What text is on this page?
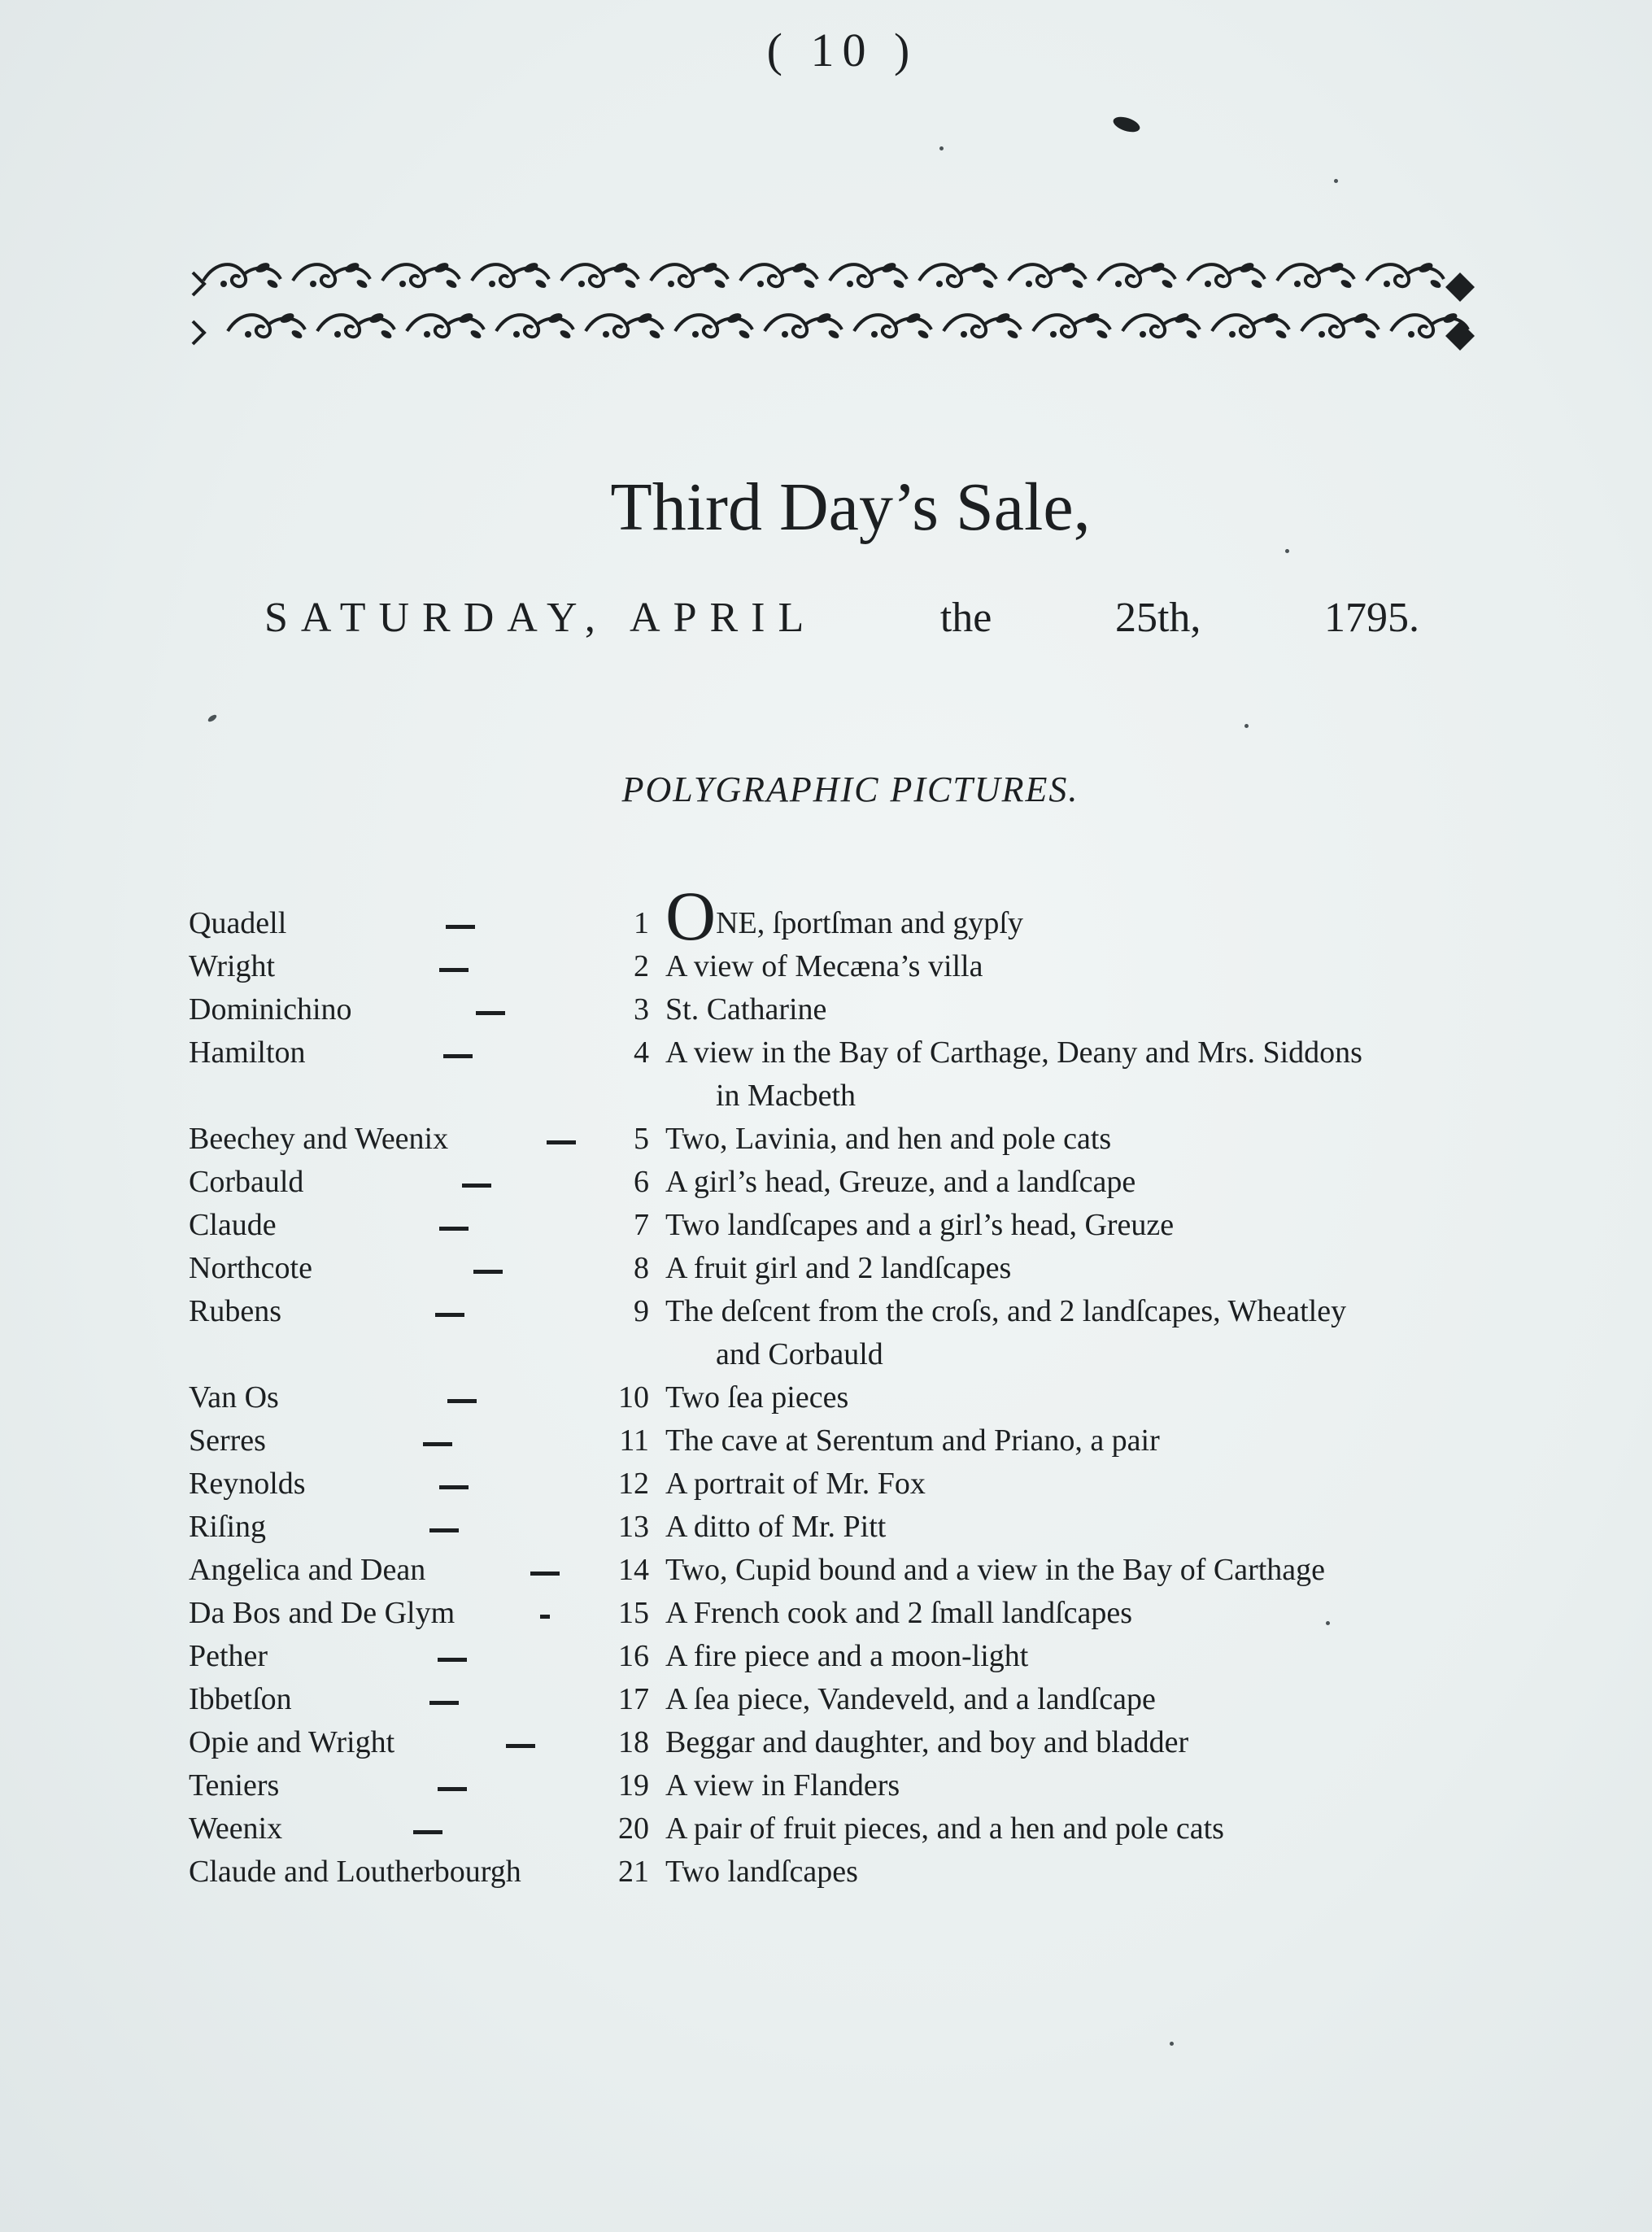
( 10 )
Third Day’s Sale,
SATURDAY, APRIL	the	25th,	1795.
POLYGRAPHIC PICTURES.
Quadell	1 ONE, ſportſman and gypſy
Wright	2 A view of Mecæna’s villa
Dominichino	3 St. Catharine
Hamilton	4 A view in the Bay of Carthage, Deany and Mrs. Siddons
in Macbeth
Beechey and Weenix	5 Two, Lavinia, and hen and pole cats
Corbauld	6 A girl’s head, Greuze, and a landſcape
Claude	7 Two landſcapes and a girl’s head, Greuze
Northcote	8 A fruit girl and 2 landſcapes
Rubens	9 The deſcent from the croſs, and 2 landſcapes, Wheatley
and Corbauld
Van Os	10 Two ſea pieces
Serres	11 The cave at Serentum and Priano, a pair
Reynolds	12 A portrait of Mr. Fox
Riſing	13 A ditto of Mr. Pitt
Angelica and Dean	14 Two, Cupid bound and a view in the Bay of Carthage
Da Bos and De Glym	15 A French cook and 2 ſmall landſcapes
Pether	16 A fire piece and a moon-light
Ibbetſon	17 A ſea piece, Vandeveld, and a landſcape
Opie and Wright	18 Beggar and daughter, and boy and bladder
Teniers	19 A view in Flanders
Weenix	20 A pair of fruit pieces, and a hen and pole cats
Claude and Loutherbourgh	21 Two landſcapes
